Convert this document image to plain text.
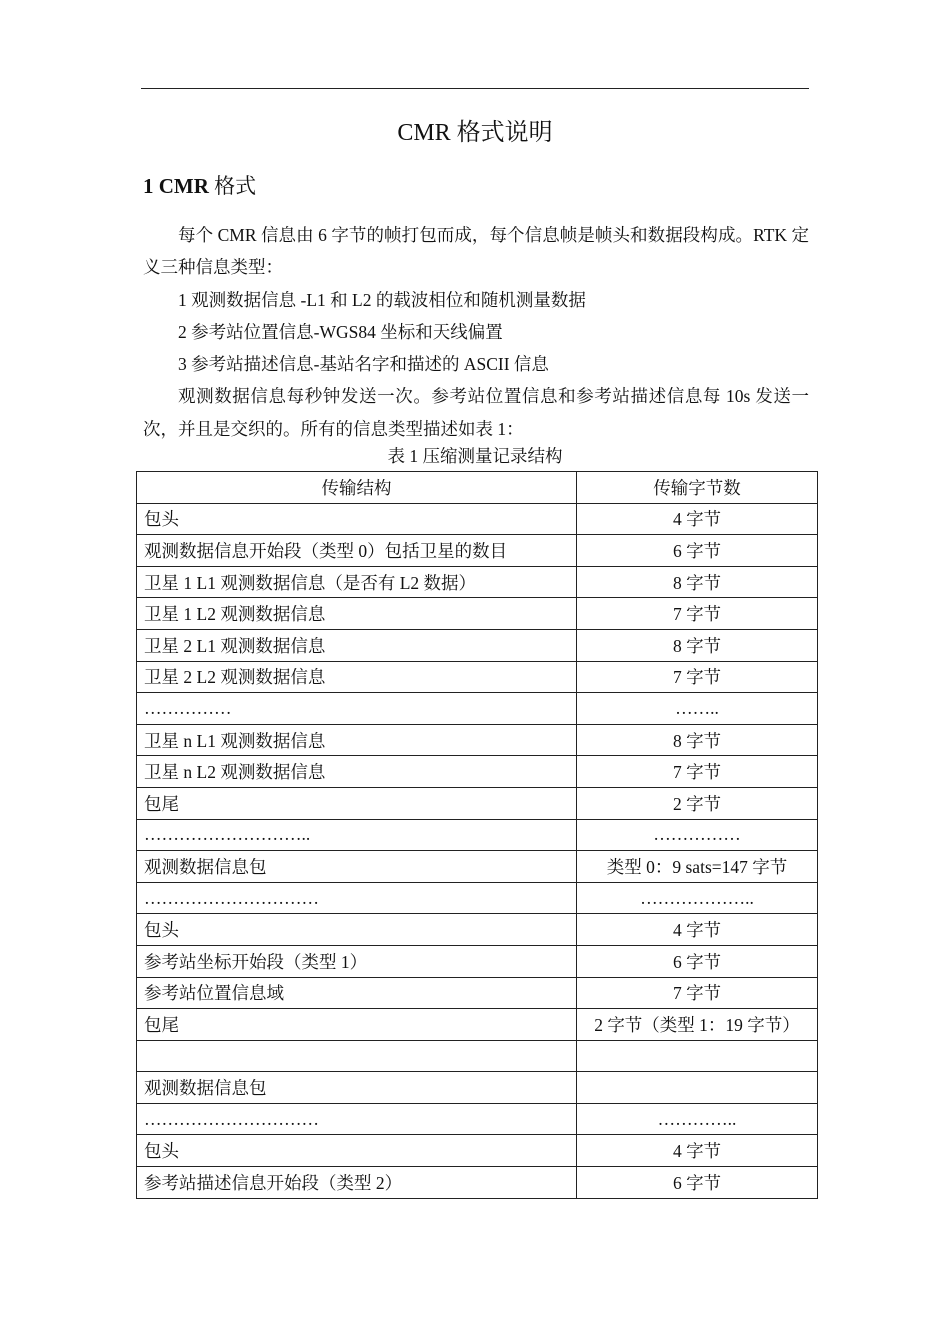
CMR 格式说明
1 CMR 格式

每个 CMR 信息由 6 字节的帧打包而成，每个信息帧是帧头和数据段构成。RTK 定义三种信息类型：

1 观测数据信息 -L1 和 L2 的载波相位和随机测量数据

2 参考站位置信息-WGS84 坐标和天线偏置

3 参考站描述信息-基站名字和描述的 ASCII 信息

观测数据信息每秒钟发送一次。参考站位置信息和参考站描述信息每 10s 发送一次，并且是交织的。所有的信息类型描述如表 1：

表 1 压缩测量记录结构
传输结构	传输字节数
包头	4 字节
观测数据信息开始段（类型 0）包括卫星的数目	6 字节
卫星 1 L1 观测数据信息（是否有 L2 数据）	8 字节
卫星 1 L2 观测数据信息	7 字节
卫星 2 L1 观测数据信息	8 字节
卫星 2 L2 观测数据信息	7 字节
……………	……..
卫星 n L1 观测数据信息	8 字节
卫星 n L2 观测数据信息	7 字节
包尾	2 字节
………………………..	……………
观测数据信息包	类型 0：9 sats=147 字节
…………………………	………………..
包头	4 字节
参考站坐标开始段（类型 1）	6 字节
参考站位置信息域	7 字节
包尾	2 字节（类型 1：19 字节）

观测数据信息包	
…………………………	…………..
包头	4 字节
参考站描述信息开始段（类型 2）	6 字节
